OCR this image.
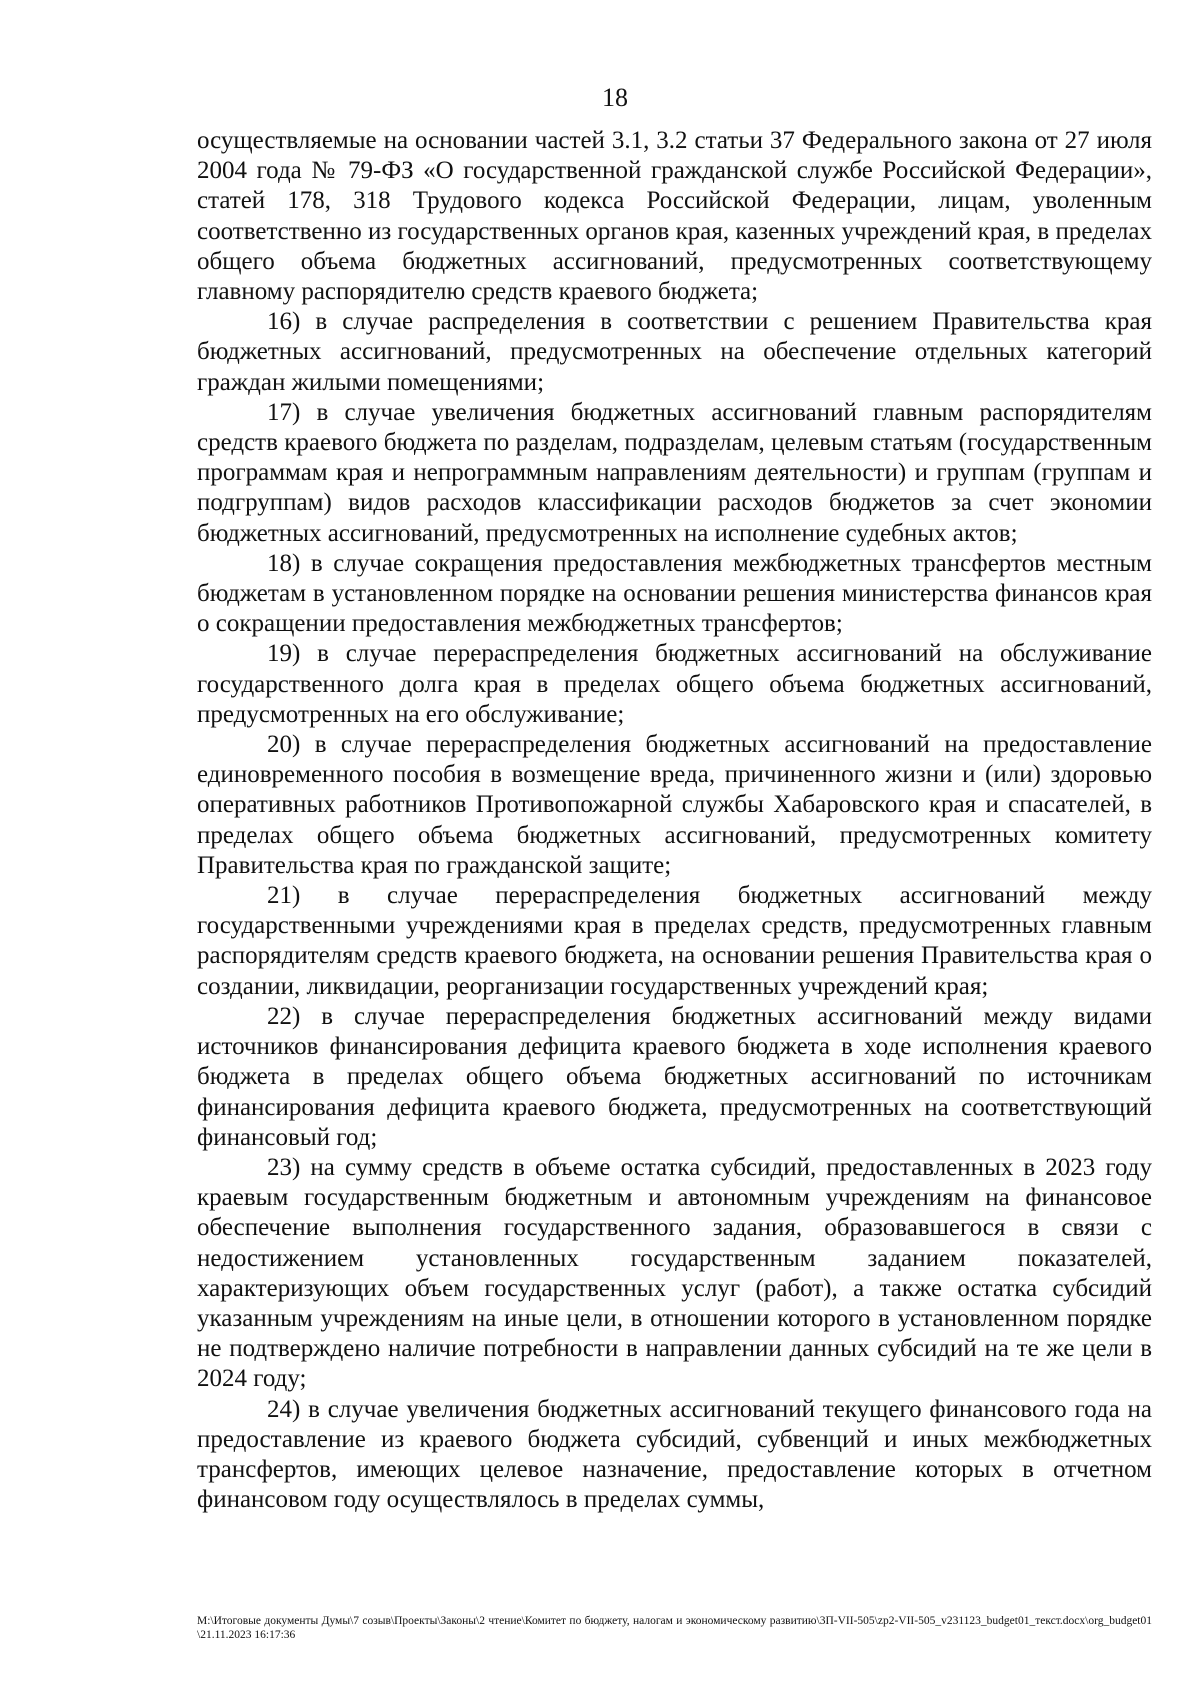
18

осуществляемые на основании частей 3.1, 3.2 статьи 37 Федерального закона от 27 июля 2004 года № 79-ФЗ «О государственной гражданской службе Российской Федерации», статей 178, 318 Трудового кодекса Российской Федерации, лицам, уволенным соответственно из государственных органов края, казенных учреждений края, в пределах общего объема бюджетных ассигнований, предусмотренных соответствующему главному распорядителю средств краевого бюджета;

16) в случае распределения в соответствии с решением Правительства края бюджетных ассигнований, предусмотренных на обеспечение отдельных категорий граждан жилыми помещениями;

17) в случае увеличения бюджетных ассигнований главным распорядителям средств краевого бюджета по разделам, подразделам, целевым статьям (государственным программам края и непрограммным направлениям деятельности) и группам (группам и подгруппам) видов расходов классификации расходов бюджетов за счет экономии бюджетных ассигнований, предусмотренных на исполнение судебных актов;

18) в случае сокращения предоставления межбюджетных трансфертов местным бюджетам в установленном порядке на основании решения министерства финансов края о сокращении предоставления межбюджетных трансфертов;

19) в случае перераспределения бюджетных ассигнований на обслуживание государственного долга края в пределах общего объема бюджетных ассигнований, предусмотренных на его обслуживание;

20) в случае перераспределения бюджетных ассигнований на предоставление единовременного пособия в возмещение вреда, причиненного жизни и (или) здоровью оперативных работников Противопожарной службы Хабаровского края и спасателей, в пределах общего объема бюджетных ассигнований, предусмотренных комитету Правительства края по гражданской защите;

21) в случае перераспределения бюджетных ассигнований между государственными учреждениями края в пределах средств, предусмотренных главным распорядителям средств краевого бюджета, на основании решения Правительства края о создании, ликвидации, реорганизации государственных учреждений края;

22) в случае перераспределения бюджетных ассигнований между видами источников финансирования дефицита краевого бюджета в ходе исполнения краевого бюджета в пределах общего объема бюджетных ассигнований по источникам финансирования дефицита краевого бюджета, предусмотренных на соответствующий финансовый год;

23) на сумму средств в объеме остатка субсидий, предоставленных в 2023 году краевым государственным бюджетным и автономным учреждениям на финансовое обеспечение выполнения государственного задания, образовавшегося в связи с недостижением установленных государственным заданием показателей, характеризующих объем государственных услуг (работ), а также остатка субсидий указанным учреждениям на иные цели, в отношении которого в установленном порядке не подтверждено наличие потребности в направлении данных субсидий на те же цели в 2024 году;

24) в случае увеличения бюджетных ассигнований текущего финансового года на предоставление из краевого бюджета субсидий, субвенций и иных межбюджетных трансфертов, имеющих целевое назначение, предоставление которых в отчетном финансовом году осуществлялось в пределах суммы,

M:\Итоговые документы Думы\7 созыв\Проекты\Законы\2 чтение\Комитет по бюджету, налогам и экономическому развитию\3П-VII-505\zp2-VII-505_v231123_budget01_текст.docx\org_budget01\21.11.2023 16:17:36
